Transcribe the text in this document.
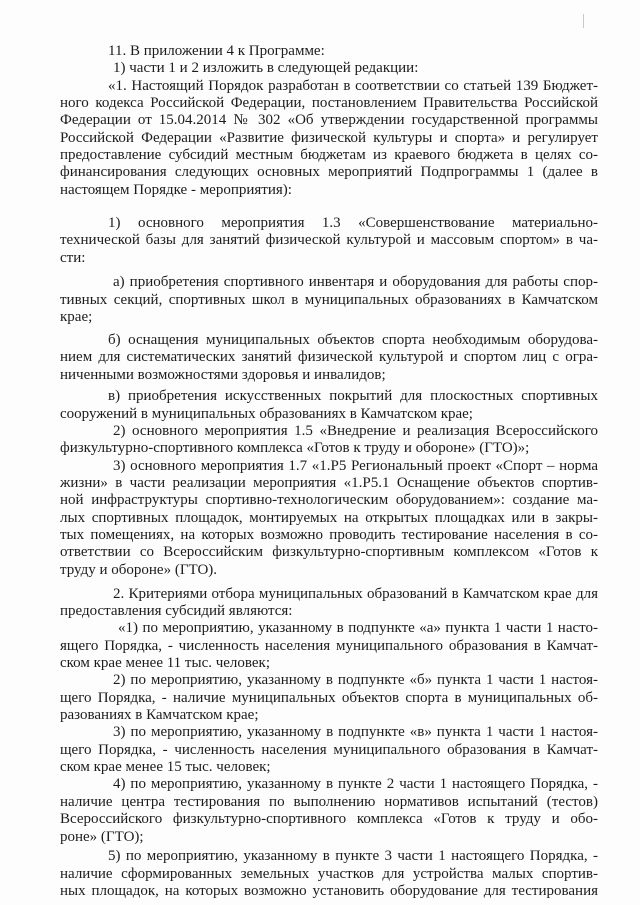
11. В приложении 4 к Программе:
1) части 1 и 2 изложить в следующей редакции:
«1. Настоящий Порядок разработан в соответствии со статьей 139 Бюджет-
ного кодекса Российской Федерации, постановлением Правительства Российской
Федерации от 15.04.2014 № 302 «Об утверждении государственной программы
Российской Федерации «Развитие физической культуры и спорта» и регулирует
предоставление субсидий местным бюджетам из краевого бюджета в целях со-
финансирования следующих основных мероприятий Подпрограммы 1 (далее в
настоящем Порядке - мероприятия):
1) основного мероприятия 1.3 «Совершенствование материально-
технической базы для занятий физической культурой и массовым спортом» в ча-
сти:
а) приобретения спортивного инвентаря и оборудования для работы спор-
тивных секций, спортивных школ в муниципальных образованиях в Камчатском
крае;
б) оснащения муниципальных объектов спорта необходимым оборудова-
нием для систематических занятий физической культурой и спортом лиц с огра-
ниченными возможностями здоровья и инвалидов;
в) приобретения искусственных покрытий для плоскостных спортивных
сооружений в муниципальных образованиях в Камчатском крае;
2) основного мероприятия 1.5 «Внедрение и реализация Всероссийского
физкультурно-спортивного комплекса «Готов к труду и обороне» (ГТО)»;
3) основного мероприятия 1.7 «1.Р5 Региональный проект «Спорт – норма
жизни» в части реализации мероприятия «1.Р5.1 Оснащение объектов спортив-
ной инфраструктуры спортивно-технологическим оборудованием»: создание ма-
лых спортивных площадок, монтируемых на открытых площадках или в закры-
тых помещениях, на которых возможно проводить тестирование населения в со-
ответствии со Всероссийским физкультурно-спортивным комплексом «Готов к
труду и обороне» (ГТО).
2. Критериями отбора муниципальных образований в Камчатском крае для
предоставления субсидий являются:
«1) по мероприятию, указанному в подпункте «а» пункта 1 части 1 насто-
ящего Порядка, - численность населения муниципального образования в Камчат-
ском крае менее 11 тыс. человек;
2) по мероприятию, указанному в подпункте «б» пункта 1 части 1 настоя-
щего Порядка, - наличие муниципальных объектов спорта в муниципальных об-
разованиях в Камчатском крае;
3) по мероприятию, указанному в подпункте «в» пункта 1 части 1 настоя-
щего Порядка, - численность населения муниципального образования в Камчат-
ском крае менее 15 тыс. человек;
4) по мероприятию, указанному в пункте 2 части 1 настоящего Порядка, -
наличие центра тестирования по выполнению нормативов испытаний (тестов)
Всероссийского физкультурно-спортивного комплекса «Готов к труду и обо-
роне» (ГТО);
5) по мероприятию, указанному в пункте 3 части 1 настоящего Порядка, -
наличие сформированных земельных участков для устройства малых спортив-
ных площадок, на которых возможно установить оборудование для тестирования
